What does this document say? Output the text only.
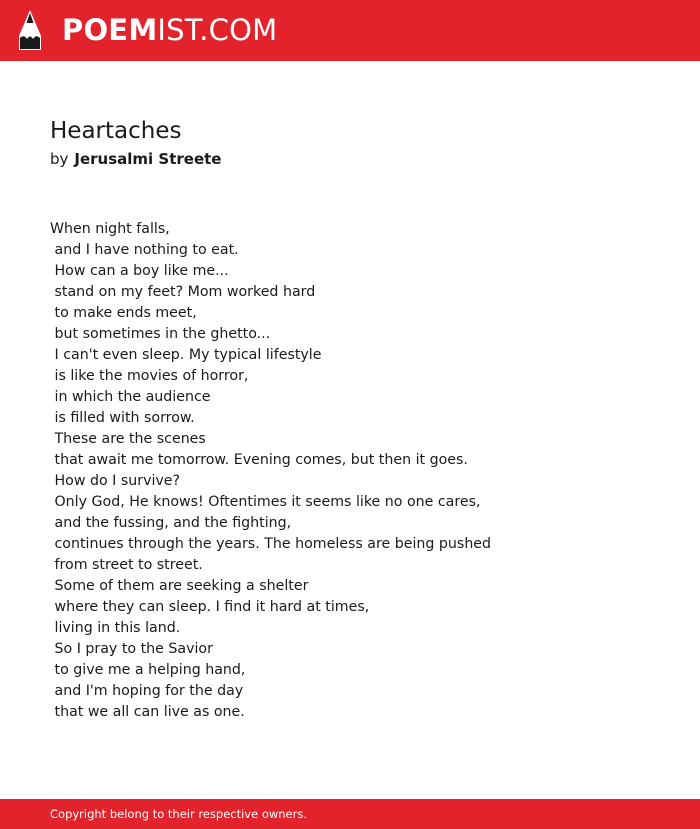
POEMIST.COM
Heartaches
by Jerusalmi Streete
When night falls,
and I have nothing to eat.
How can a boy like me...
stand on my feet? Mom worked hard
to make ends meet,
but sometimes in the ghetto...
I can't even sleep. My typical lifestyle
is like the movies of horror,
in which the audience
is filled with sorrow.
These are the scenes
that await me tomorrow. Evening comes, but then it goes.
How do I survive?
Only God, He knows! Oftentimes it seems like no one cares,
and the fussing, and the fighting,
continues through the years. The homeless are being pushed
from street to street.
Some of them are seeking a shelter
where they can sleep. I find it hard at times,
living in this land.
So I pray to the Savior
to give me a helping hand,
and I'm hoping for the day
that we all can live as one.
Copyright belong to their respective owners.
